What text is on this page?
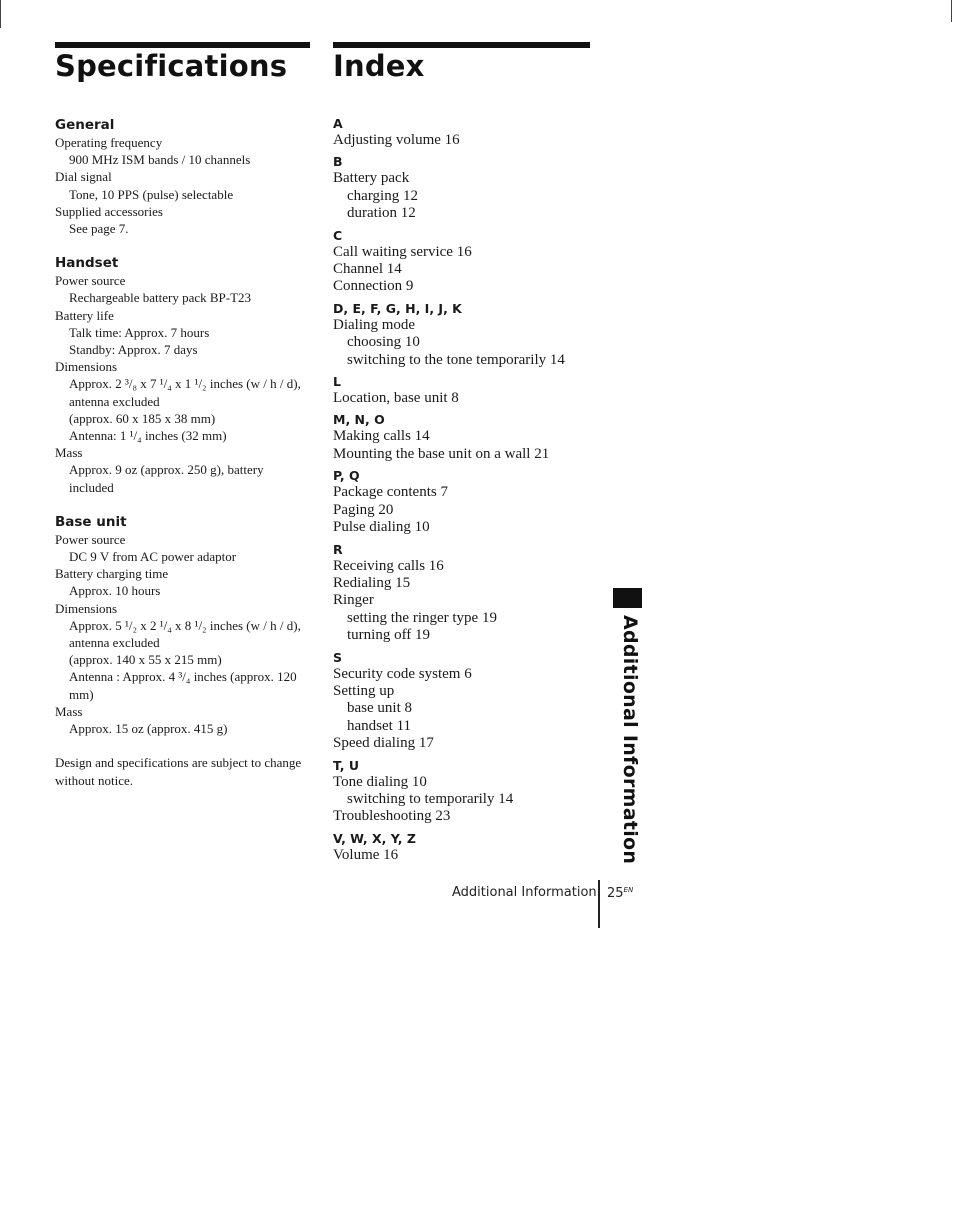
Specifications Index
General
Operating frequency
900 MHz ISM bands / 10 channels
Dial signal
Tone, 10 PPS (pulse) selectable
Supplied accessories
See page 7.
Handset
Power source
Rechargeable battery pack BP-T23
Battery life
Talk time: Approx. 7 hours
Standby: Approx. 7 days
Dimensions
Approx. 2 ³/₈ x 7 ¹/₄ x 1 ¹/₂ inches (w / h / d), antenna excluded
(approx. 60 x 185 x 38 mm)
Antenna: 1 ¹/₄ inches (32 mm)
Mass
Approx. 9 oz (approx. 250 g), battery included
Base unit
Power source
DC 9 V from AC power adaptor
Battery charging time
Approx. 10 hours
Dimensions
Approx. 5 ¹/₂ x 2 ¹/₄ x 8 ¹/₂ inches (w / h / d), antenna excluded
(approx. 140 x 55 x 215 mm)
Antenna : Approx. 4 ³/₄ inches (approx. 120 mm)
Mass
Approx. 15 oz (approx. 415 g)
Design and specifications are subject to change without notice.
A
Adjusting volume 16
B
Battery pack
charging 12
duration 12
C
Call waiting service 16
Channel 14
Connection 9
D, E, F, G, H, I, J, K
Dialing mode
choosing 10
switching to the tone temporarily 14
L
Location, base unit 8
M, N, O
Making calls 14
Mounting the base unit on a wall 21
P, Q
Package contents 7
Paging 20
Pulse dialing 10
R
Receiving calls 16
Redialing 15
Ringer
setting the ringer type 19
turning off 19
S
Security code system 6
Setting up
base unit 8
handset 11
Speed dialing 17
T, U
Tone dialing 10
switching to temporarily 14
Troubleshooting 23
V, W, X, Y, Z
Volume 16	Additional Information
Additional Information $25^{EN}$
